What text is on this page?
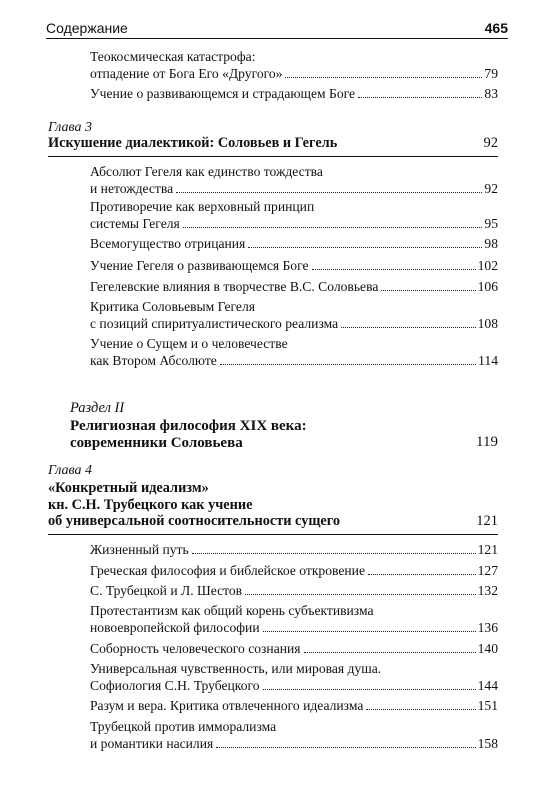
Содержание	465
Теокосмическая катастрофа:
отпадение от Бога Его «Другого»	79
Учение о развивающемся и страдающем Боге	83
Глава 3
Искушение диалектикой: Соловьев и Гегель	92
Абсолют Гегеля как единство тождества
и нетождества	92
Противоречие как верховный принцип
системы Гегеля	95
Всемогущество отрицания	98
Учение Гегеля о развивающемся Боге	102
Гегелевские влияния в творчестве В.С. Соловьева	106
Критика Соловьевым Гегеля
с позиций спиритуалистического реализма	108
Учение о Сущем и о человечестве
как Втором Абсолюте	114
Раздел II
Религиозная философия XIX века:
современники Соловьева	119
Глава 4
«Конкретный идеализм»
кн. С.Н. Трубецкого как учение
об универсальной соотносительности сущего	121
Жизненный путь	121
Греческая философия и библейское откровение	127
С. Трубецкой и Л. Шестов	132
Протестантизм как общий корень субъективизма
новоевропейской философии	136
Соборность человеческого сознания	140
Универсальная чувственность, или мировая душа.
Софиология С.Н. Трубецкого	144
Разум и вера. Критика отвлеченного идеализма	151
Трубецкой против имморализма
и романтики насилия	158
